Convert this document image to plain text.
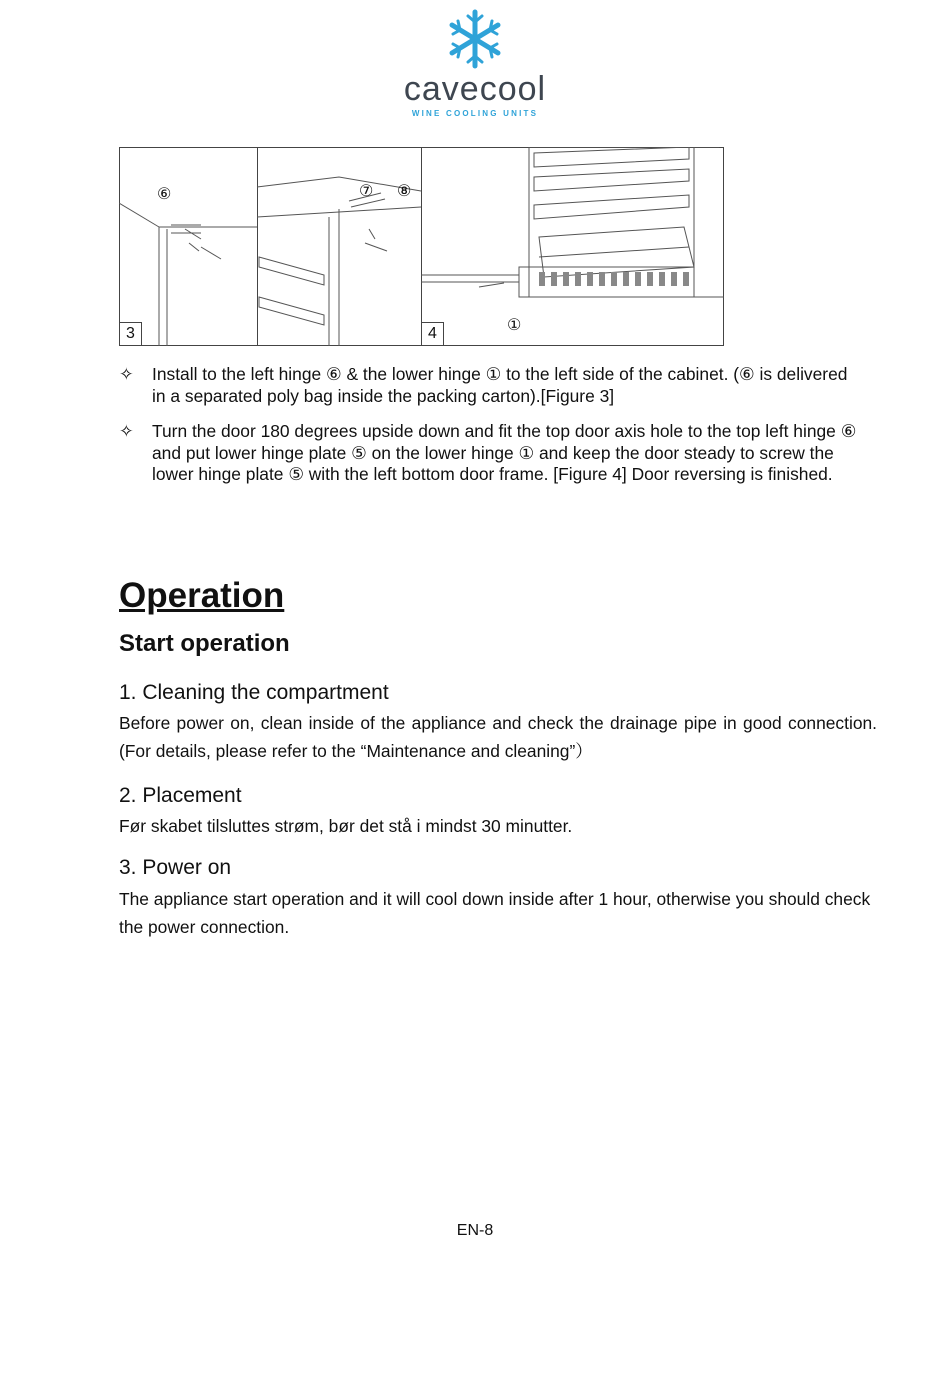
cavecool
WINE COOLING UNITS
3	4
⑥	⑦ ⑧
①
✧ Install to the left hinge ⑥ & the lower hinge ① to the left side of the cabinet. (⑥ is delivered in a separated poly bag inside the packing carton).[Figure 3]
✧ Turn the door 180 degrees upside down and fit the top door axis hole to the top left hinge ⑥ and put lower hinge plate ⑤ on the lower hinge ① and keep the door steady to screw the lower hinge plate ⑤ with the left bottom door frame. [Figure 4] Door reversing is finished.
Operation
Start operation
1. Cleaning the compartment
Before power on, clean inside of the appliance and check the drainage pipe in good connection. (For details, please refer to the “Maintenance and cleaning”）
2. Placement
Før skabet tilsluttes strøm, bør det stå i mindst 30 minutter.
3. Power on
The appliance start operation and it will cool down inside after 1 hour, otherwise you should check the power connection.
EN-8
